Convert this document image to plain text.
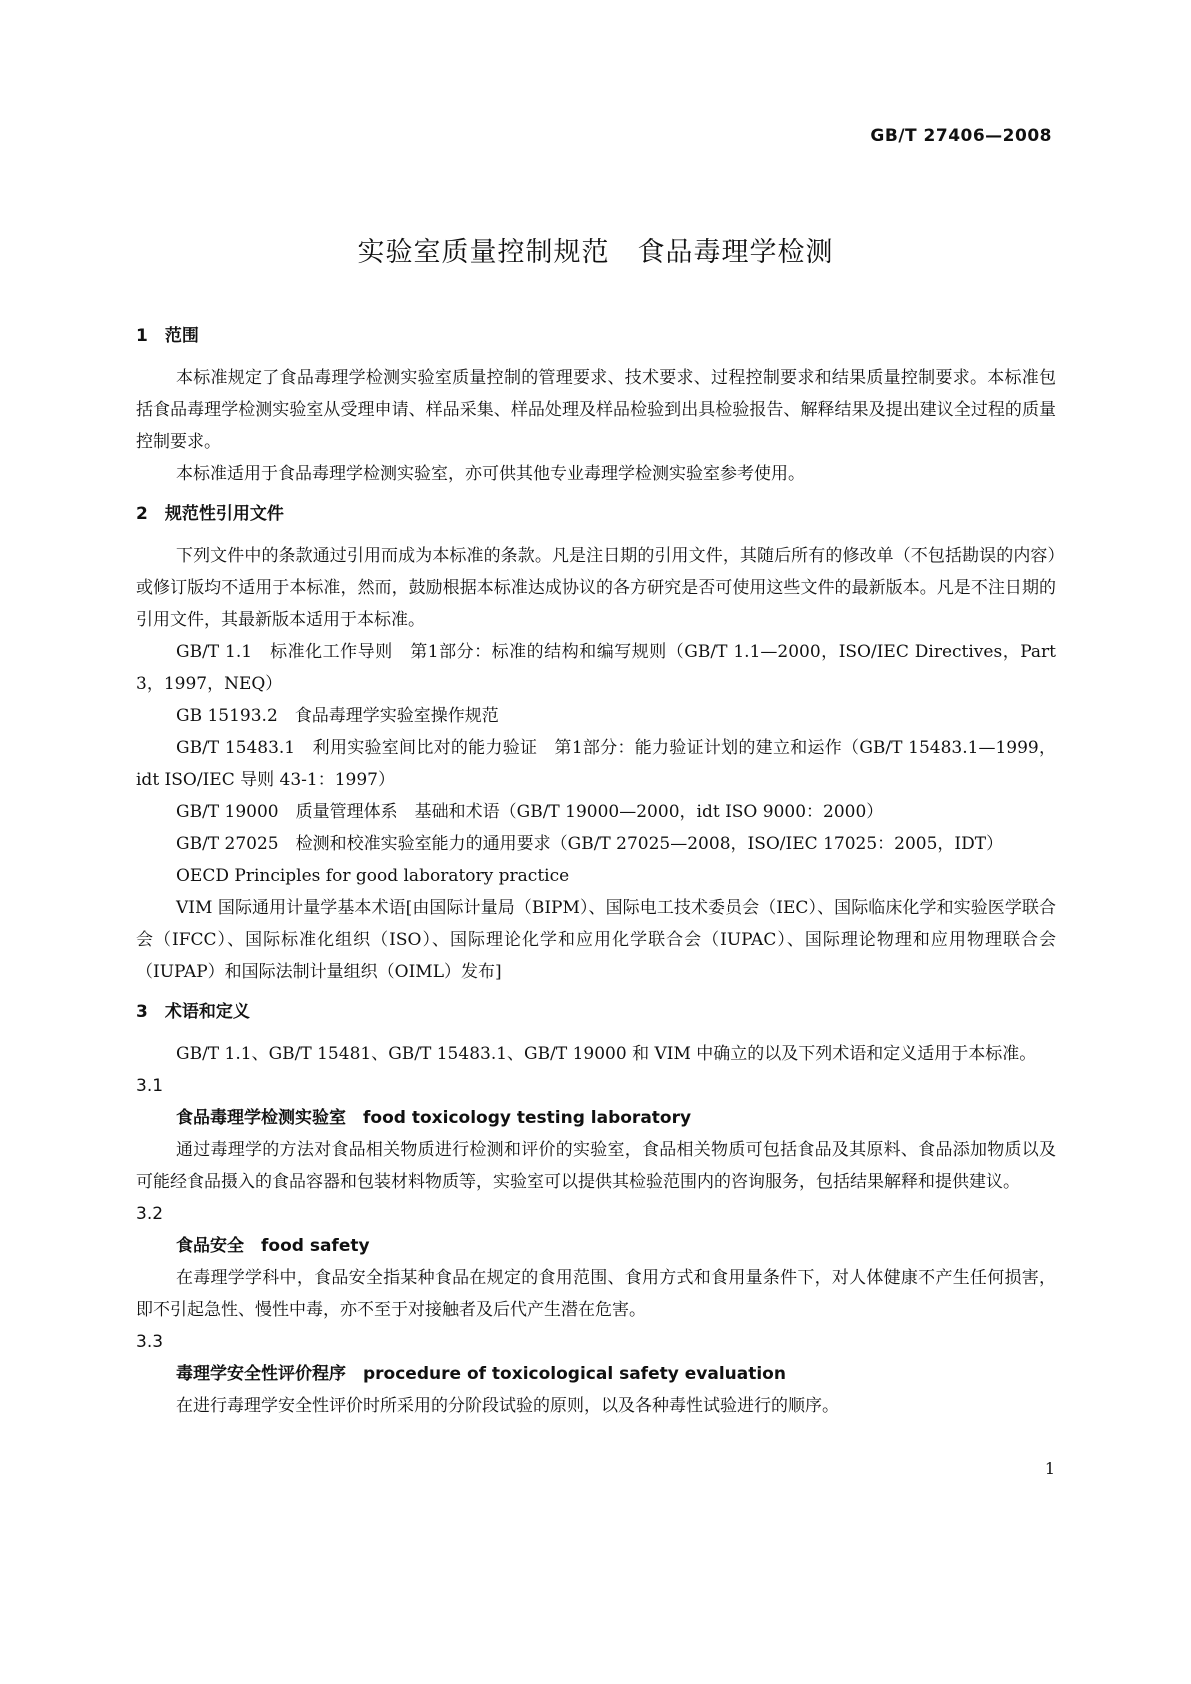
GB/T 27406—2008
实验室质量控制规范　食品毒理学检测
1　范围

本标准规定了食品毒理学检测实验室质量控制的管理要求、技术要求、过程控制要求和结果质量控制要求。本标准包括食品毒理学检测实验室从受理申请、样品采集、样品处理及样品检验到出具检验报告、解释结果及提出建议全过程的质量控制要求。

本标准适用于食品毒理学检测实验室，亦可供其他专业毒理学检测实验室参考使用。

2　规范性引用文件

下列文件中的条款通过引用而成为本标准的条款。凡是注日期的引用文件，其随后所有的修改单（不包括勘误的内容）或修订版均不适用于本标准，然而，鼓励根据本标准达成协议的各方研究是否可使用这些文件的最新版本。凡是不注日期的引用文件，其最新版本适用于本标准。

GB/T 1.1　标准化工作导则　第1部分：标准的结构和编写规则（GB/T 1.1—2000，ISO/IEC Directives，Part 3，1997，NEQ）

GB 15193.2　食品毒理学实验室操作规范

GB/T 15483.1　利用实验室间比对的能力验证　第1部分：能力验证计划的建立和运作（GB/T 15483.1—1999，idt ISO/IEC 导则 43-1：1997）

GB/T 19000　质量管理体系　基础和术语（GB/T 19000—2000，idt ISO 9000：2000）

GB/T 27025　检测和校准实验室能力的通用要求（GB/T 27025—2008，ISO/IEC 17025：2005，IDT）

OECD Principles for good laboratory practice

VIM 国际通用计量学基本术语[由国际计量局（BIPM）、国际电工技术委员会（IEC）、国际临床化学和实验医学联合会（IFCC）、国际标准化组织（ISO）、国际理论化学和应用化学联合会（IUPAC）、国际理论物理和应用物理联合会（IUPAP）和国际法制计量组织（OIML）发布]

3　术语和定义

GB/T 1.1、GB/T 15481、GB/T 15483.1、GB/T 19000 和 VIM 中确立的以及下列术语和定义适用于本标准。

3.1
食品毒理学检测实验室　food toxicology testing laboratory

通过毒理学的方法对食品相关物质进行检测和评价的实验室，食品相关物质可包括食品及其原料、食品添加物质以及可能经食品摄入的食品容器和包装材料物质等，实验室可以提供其检验范围内的咨询服务，包括结果解释和提供建议。

3.2
食品安全　food safety

在毒理学学科中，食品安全指某种食品在规定的食用范围、食用方式和食用量条件下，对人体健康不产生任何损害，即不引起急性、慢性中毒，亦不至于对接触者及后代产生潜在危害。

3.3
毒理学安全性评价程序　procedure of toxicological safety evaluation

在进行毒理学安全性评价时所采用的分阶段试验的原则，以及各种毒性试验进行的顺序。

1
